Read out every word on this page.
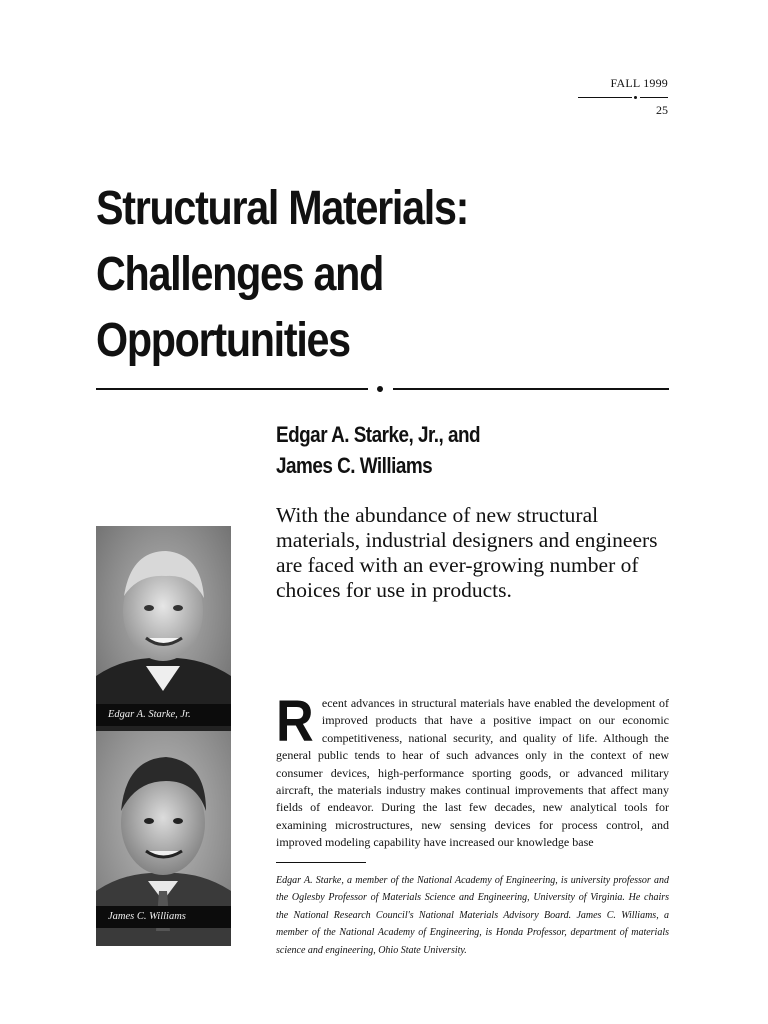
FALL 1999
25
Structural Materials: Challenges and Opportunities
Edgar A. Starke, Jr., and
James C. Williams

With the abundance of new structural materials, industrial designers and engineers are faced with an ever-growing number of choices for use in products.

Edgar A. Starke, Jr.
James C. Williams

Recent advances in structural materials have enabled the development of improved products that have a positive impact on our economic competitiveness, national security, and quality of life. Although the general public tends to hear of such advances only in the context of new consumer devices, high-performance sporting goods, or advanced military aircraft, the materials industry makes continual improvements that affect many fields of endeavor. During the last few decades, new analytical tools for examining microstructures, new sensing devices for process control, and improved modeling capability have increased our knowledge base

Edgar A. Starke, a member of the National Academy of Engineering, is university professor and the Oglesby Professor of Materials Science and Engineering, University of Virginia. He chairs the National Research Council's National Materials Advisory Board. James C. Williams, a member of the National Academy of Engineering, is Honda Professor, department of materials science and engineering, Ohio State University.
